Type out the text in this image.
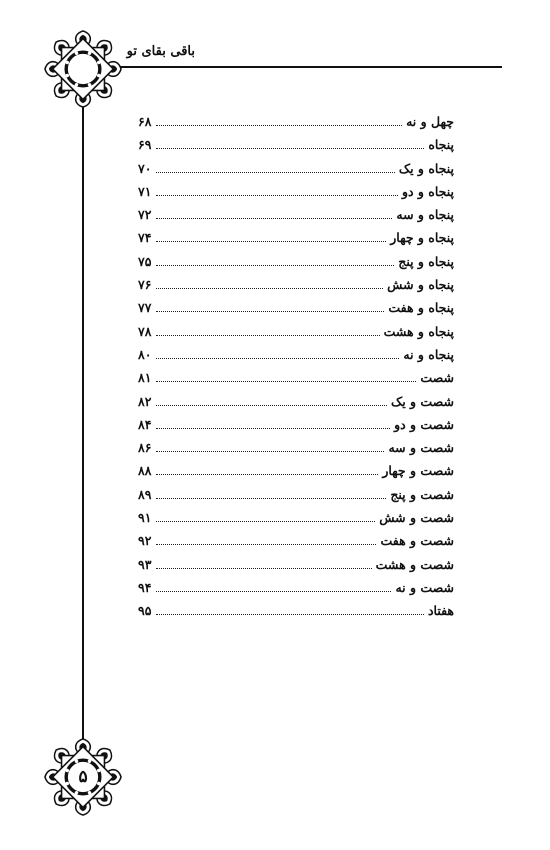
باقی بقای تو
۵
چهل و نه
۶۸
پنجاه
۶۹
پنجاه و یک
۷۰
پنجاه و دو
۷۱
پنجاه و سه
۷۲
پنجاه و چهار
۷۴
پنجاه و پنج
۷۵
پنجاه و شش
۷۶
پنجاه و هفت
۷۷
پنجاه و هشت
۷۸
پنجاه و نه
۸۰
شصت
۸۱
شصت و یک
۸۲
شصت و دو
۸۴
شصت و سه
۸۶
شصت و چهار
۸۸
شصت و پنج
۸۹
شصت و شش
۹۱
شصت و هفت
۹۲
شصت و هشت
۹۳
شصت و نه
۹۴
هفتاد
۹۵
